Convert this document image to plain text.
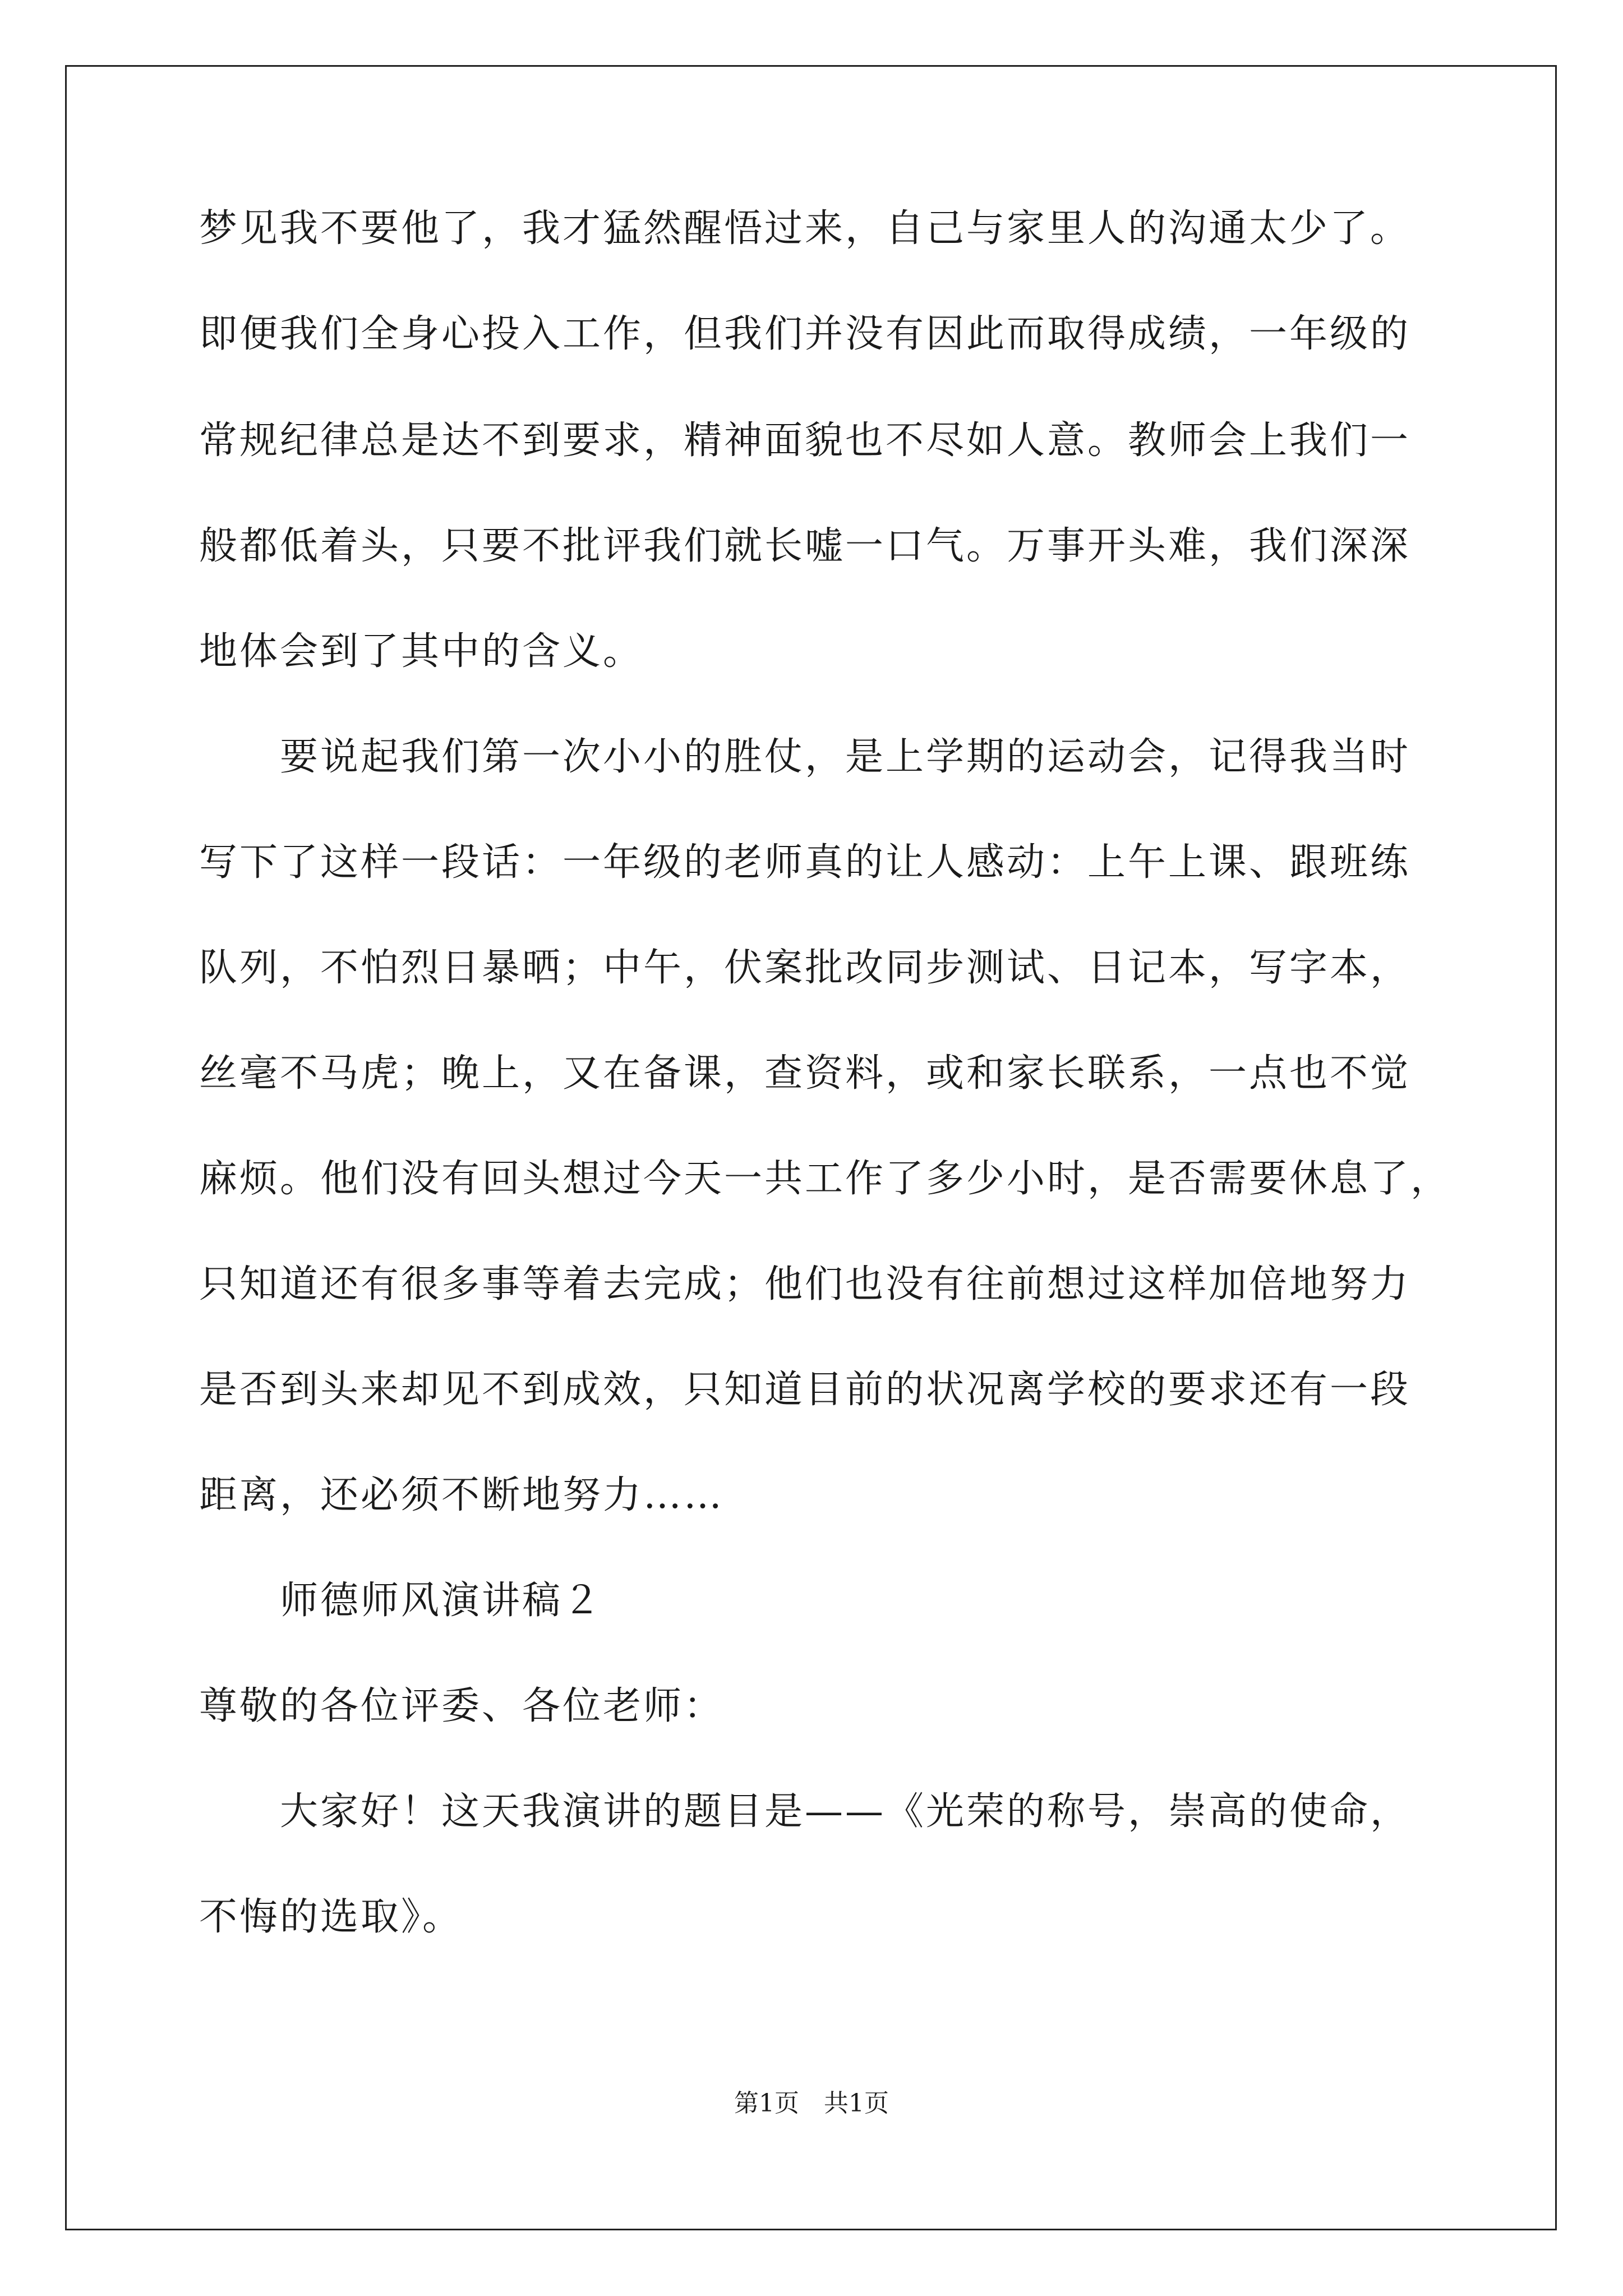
梦见我不要他了，我才猛然醒悟过来，自己与家里人的沟通太少了。
即便我们全身心投入工作，但我们并没有因此而取得成绩，一年级的
常规纪律总是达不到要求，精神面貌也不尽如人意。教师会上我们一
般都低着头，只要不批评我们就长嘘一口气。万事开头难，我们深深
地体会到了其中的含义。
　　要说起我们第一次小小的胜仗，是上学期的运动会，记得我当时
写下了这样一段话：一年级的老师真的让人感动：上午上课、跟班练
队列，不怕烈日暴晒；中午，伏案批改同步测试、日记本，写字本，
丝毫不马虎；晚上，又在备课，查资料，或和家长联系，一点也不觉
麻烦。他们没有回头想过今天一共工作了多少小时，是否需要休息了，
只知道还有很多事等着去完成；他们也没有往前想过这样加倍地努力
是否到头来却见不到成效，只知道目前的状况离学校的要求还有一段
距离，还必须不断地努力……
　　师德师风演讲稿２
尊敬的各位评委、各位老师：
　　大家好！这天我演讲的题目是——《光荣的称号，崇高的使命，
不悔的选取》。
第1页　共1页
